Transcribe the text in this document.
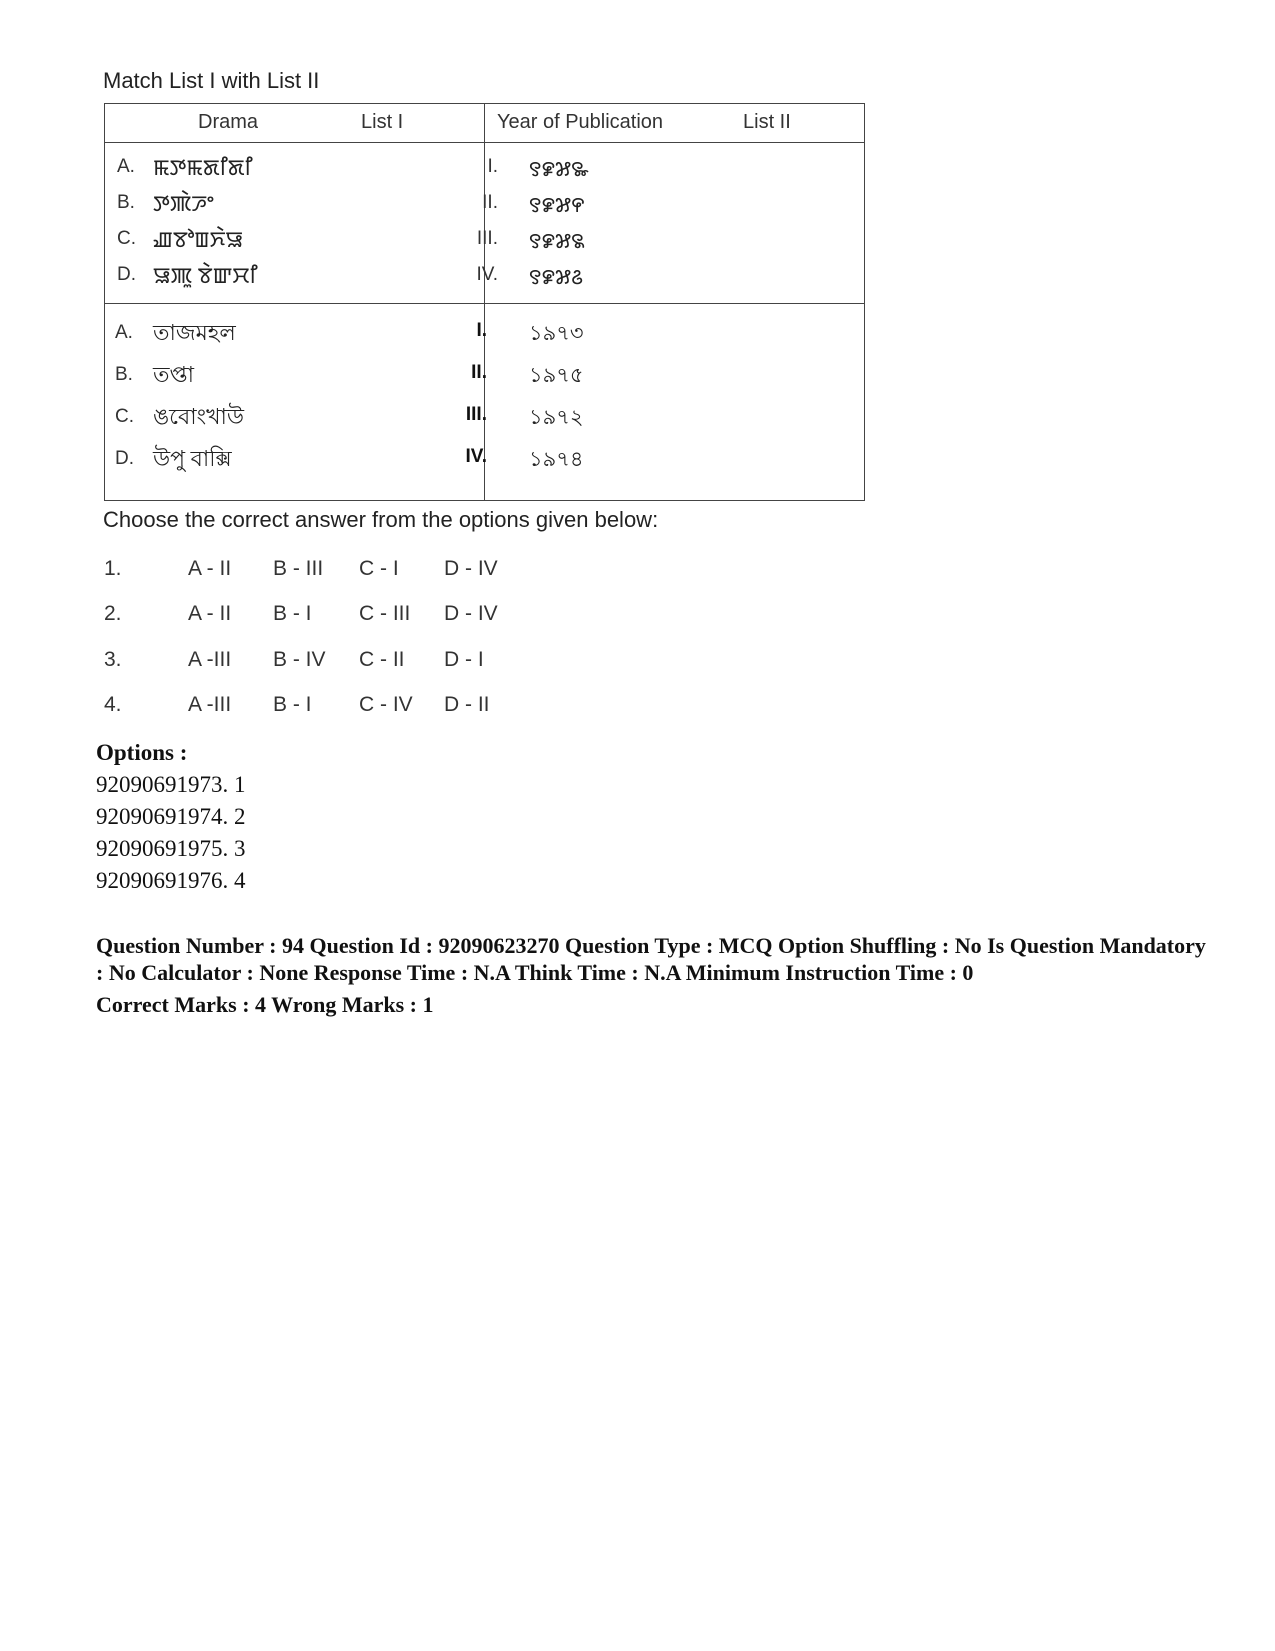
Match List I with List II
Drama	List I	Year of Publication	List II
A. ꯃꯇꯃꯗꯤꯗꯤ	I. ꯱꯹꯷꯳
B. ꯇꯄꯥꯍꯦ	II. ꯱꯹꯷꯵
C. ꯉꯕꯣꯡꯈꯥꯎ	III. ꯱꯹꯷꯲
D. ꯎꯄꯨ ꯕꯥꯛꯆꯤ	IV. ꯱꯹꯷꯴
A. তাজমহল	I. ১৯৭৩
B. তপ্তা	II. ১৯৭৫
C. ঙবোংখাউ	III. ১৯৭২
D. উপু বাক্সি	IV. ১৯৭৪
Choose the correct answer from the options given below:
1.	A - II B - III C - I D - IV
2.	A - II B - I C - III D - IV
3.	A -III B - IV C - II D - I
4.	A -III B - I C - IV D - II
Options :
92090691973. 1
92090691974. 2
92090691975. 3
92090691976. 4
Question Number : 94 Question Id : 92090623270 Question Type : MCQ Option Shuffling : No Is Question Mandatory : No Calculator : None Response Time : N.A Think Time : N.A Minimum Instruction Time : 0
Correct Marks : 4 Wrong Marks : 1
